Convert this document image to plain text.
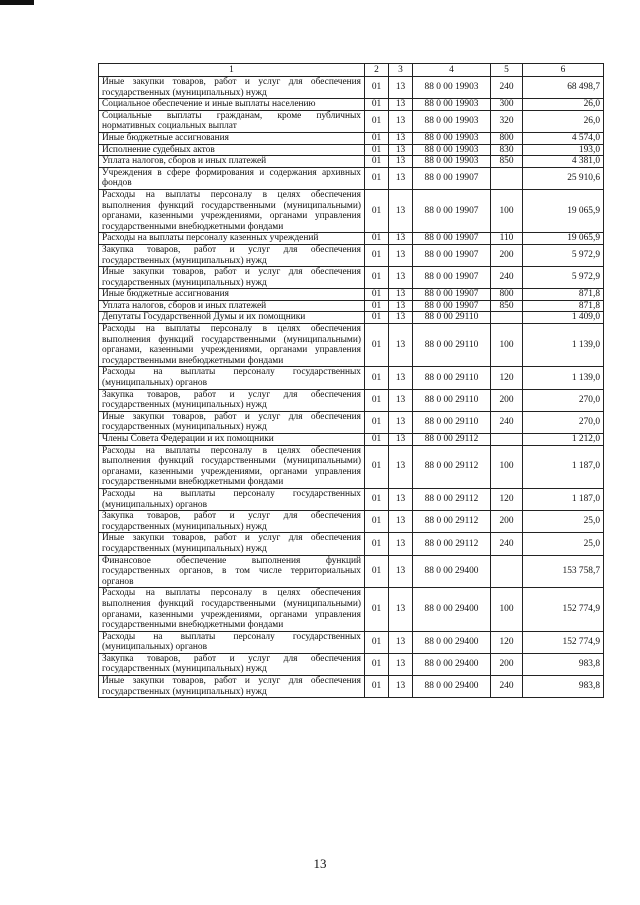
1	2	3	4	5	6
Иные закупки товаров, работ и услуг для обеспечения государственных (муниципальных) нужд	01	13	88 0 00 19903	240	68 498,7
Социальное обеспечение и иные выплаты населению	01	13	88 0 00 19903	300	26,0
Социальные выплаты гражданам, кроме публичных нормативных социальных выплат	01	13	88 0 00 19903	320	26,0
Иные бюджетные ассигнования	01	13	88 0 00 19903	800	4 574,0
Исполнение судебных актов	01	13	88 0 00 19903	830	193,0
Уплата налогов, сборов и иных платежей	01	13	88 0 00 19903	850	4 381,0
Учреждения в сфере формирования и содержания архивных фондов	01	13	88 0 00 19907		25 910,6
Расходы на выплаты персоналу в целях обеспечения выполнения функций государственными (муниципальными) органами, казенными учреждениями, органами управления государственными внебюджетными фондами	01	13	88 0 00 19907	100	19 065,9
Расходы на выплаты персоналу казенных учреждений	01	13	88 0 00 19907	110	19 065,9
Закупка товаров, работ и услуг для обеспечения государственных (муниципальных) нужд	01	13	88 0 00 19907	200	5 972,9
Иные закупки товаров, работ и услуг для обеспечения государственных (муниципальных) нужд	01	13	88 0 00 19907	240	5 972,9
Иные бюджетные ассигнования	01	13	88 0 00 19907	800	871,8
Уплата налогов, сборов и иных платежей	01	13	88 0 00 19907	850	871,8
Депутаты Государственной Думы и их помощники	01	13	88 0 00 29110		1 409,0
Расходы на выплаты персоналу в целях обеспечения выполнения функций государственными (муниципальными) органами, казенными учреждениями, органами управления государственными внебюджетными фондами	01	13	88 0 00 29110	100	1 139,0
Расходы на выплаты персоналу государственных (муниципальных) органов	01	13	88 0 00 29110	120	1 139,0
Закупка товаров, работ и услуг для обеспечения государственных (муниципальных) нужд	01	13	88 0 00 29110	200	270,0
Иные закупки товаров, работ и услуг для обеспечения государственных (муниципальных) нужд	01	13	88 0 00 29110	240	270,0
Члены Совета Федерации и их помощники	01	13	88 0 00 29112		1 212,0
Расходы на выплаты персоналу в целях обеспечения выполнения функций государственными (муниципальными) органами, казенными учреждениями, органами управления государственными внебюджетными фондами	01	13	88 0 00 29112	100	1 187,0
Расходы на выплаты персоналу государственных (муниципальных) органов	01	13	88 0 00 29112	120	1 187,0
Закупка товаров, работ и услуг для обеспечения государственных (муниципальных) нужд	01	13	88 0 00 29112	200	25,0
Иные закупки товаров, работ и услуг для обеспечения государственных (муниципальных) нужд	01	13	88 0 00 29112	240	25,0
Финансовое обеспечение выполнения функций государственных органов, в том числе территориальных органов	01	13	88 0 00 29400		153 758,7
Расходы на выплаты персоналу в целях обеспечения выполнения функций государственными (муниципальными) органами, казенными учреждениями, органами управления государственными внебюджетными фондами	01	13	88 0 00 29400	100	152 774,9
Расходы на выплаты персоналу государственных (муниципальных) органов	01	13	88 0 00 29400	120	152 774,9
Закупка товаров, работ и услуг для обеспечения государственных (муниципальных) нужд	01	13	88 0 00 29400	200	983,8
Иные закупки товаров, работ и услуг для обеспечения государственных (муниципальных) нужд	01	13	88 0 00 29400	240	983,8
13
